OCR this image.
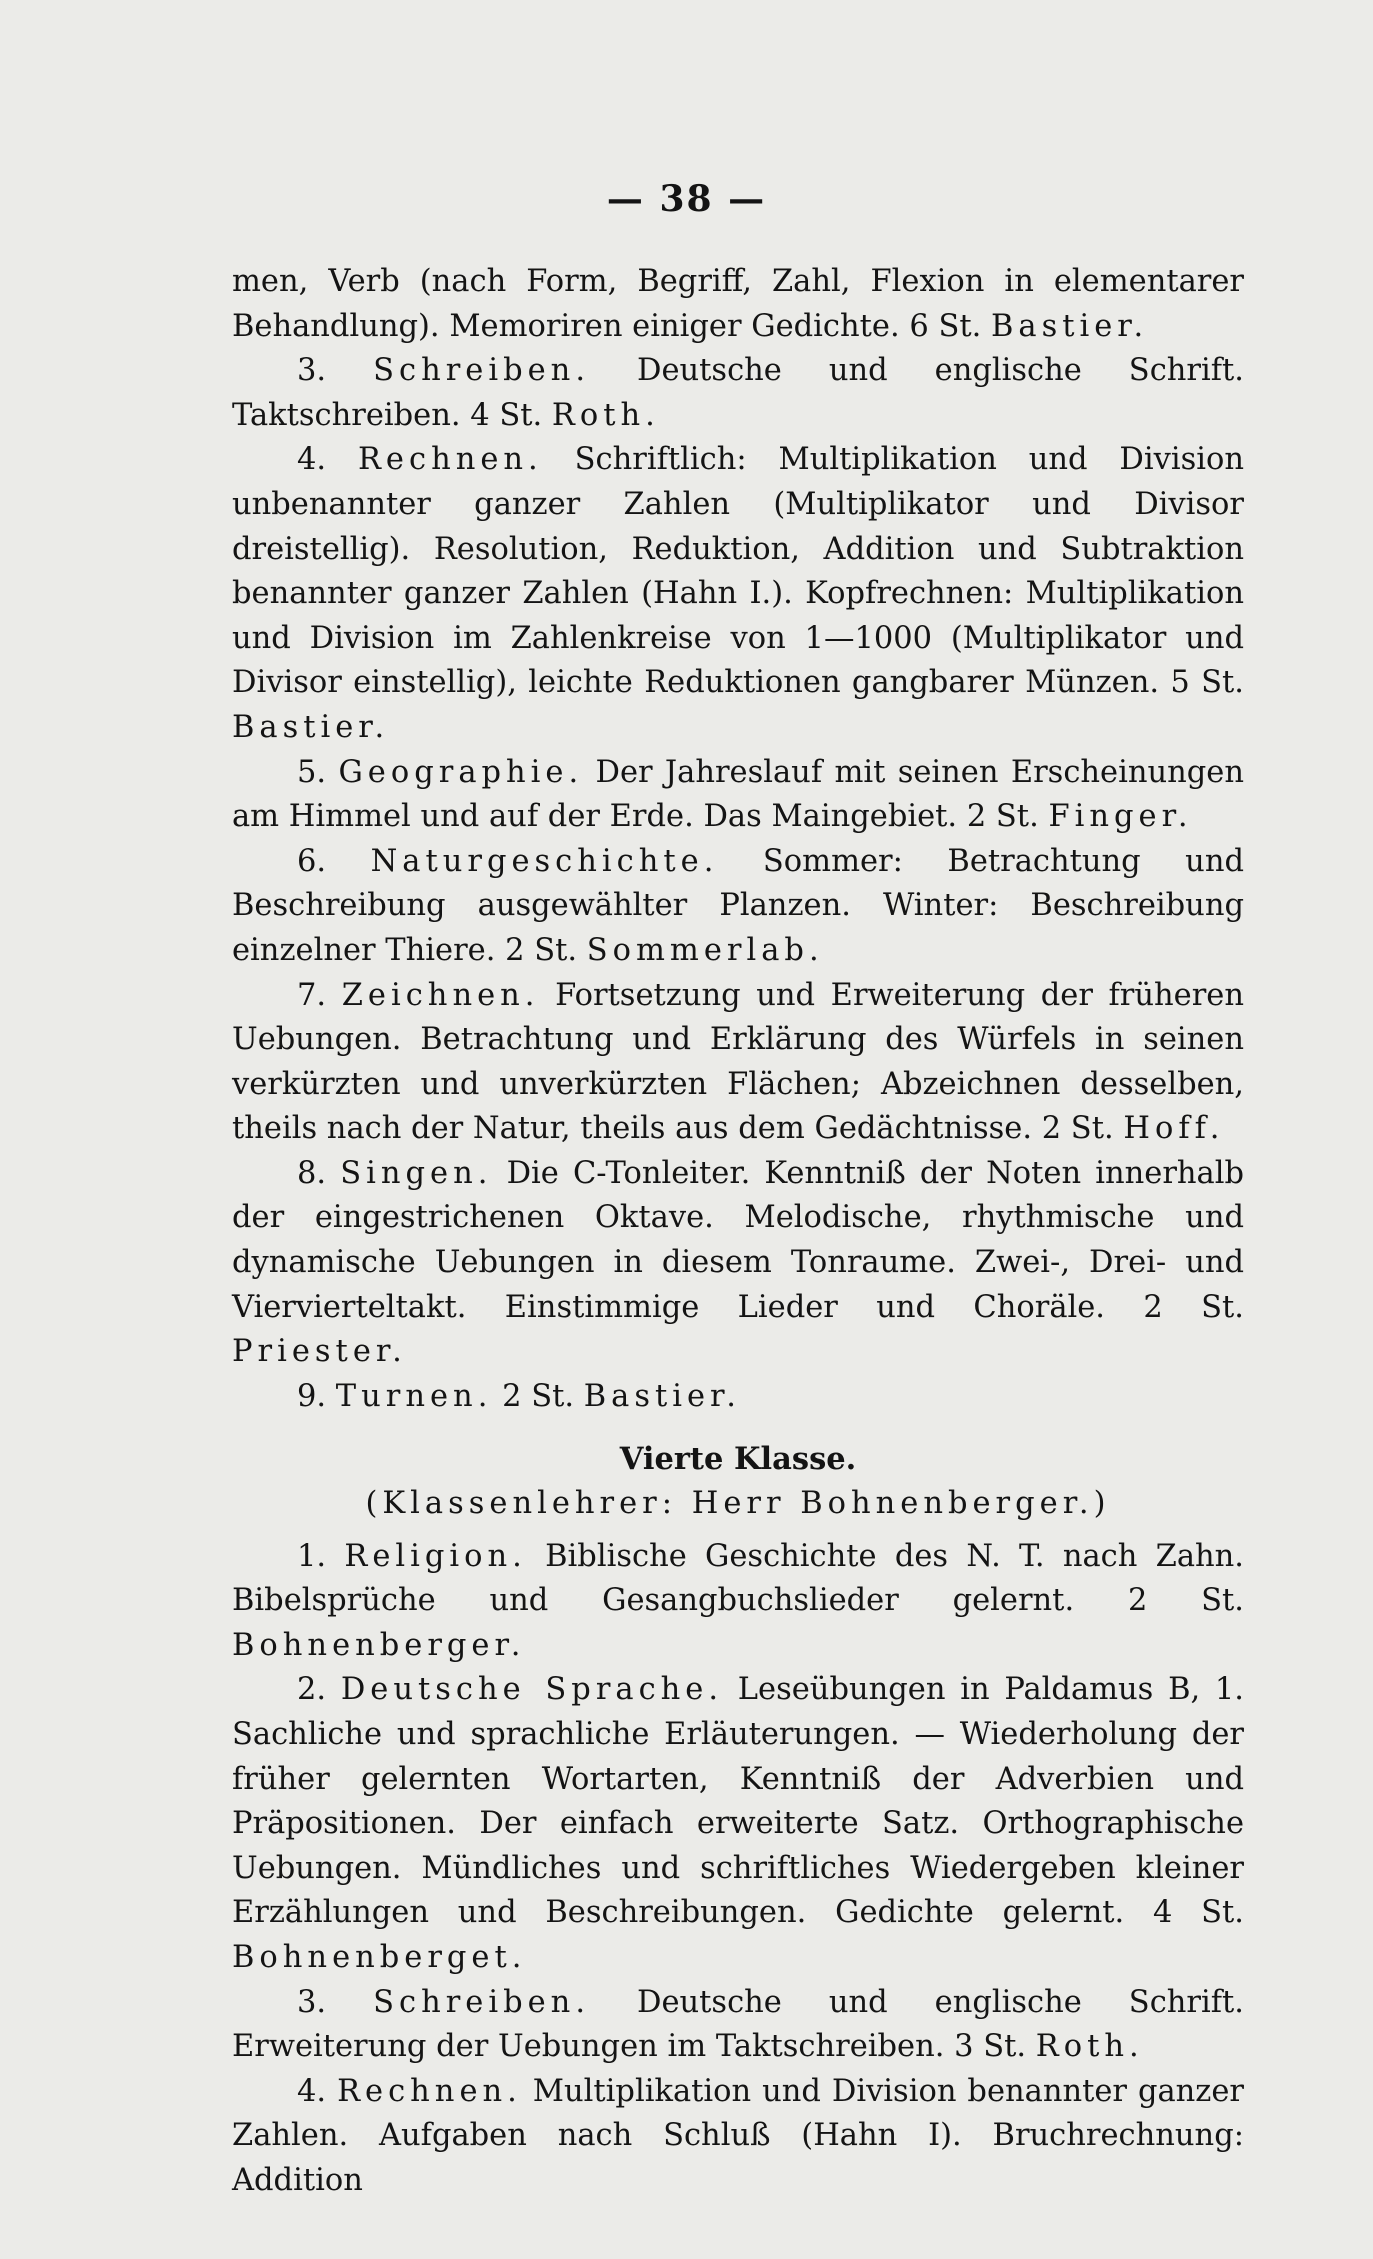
— 38 —

men, Verb (nach Form, Begriff, Zahl, Flexion in elementarer Behandlung). Memoriren einiger Gedichte. 6 St. Bastier.

3. Schreiben. Deutsche und englische Schrift. Taktschreiben. 4 St. Roth.

4. Rechnen. Schriftlich: Multiplikation und Division unbenannter ganzer Zahlen (Multiplikator und Divisor dreistellig). Resolution, Reduktion, Addition und Subtraktion benannter ganzer Zahlen (Hahn I.). Kopfrechnen: Multiplikation und Division im Zahlenkreise von 1—1000 (Multiplikator und Divisor einstellig), leichte Reduktionen gangbarer Münzen. 5 St. Bastier.

5. Geographie. Der Jahreslauf mit seinen Erscheinungen am Himmel und auf der Erde. Das Maingebiet. 2 St. Finger.

6. Naturgeschichte. Sommer: Betrachtung und Beschreibung ausgewählter Planzen. Winter: Beschreibung einzelner Thiere. 2 St. Sommerlab.

7. Zeichnen. Fortsetzung und Erweiterung der früheren Uebungen. Betrachtung und Erklärung des Würfels in seinen verkürzten und unverkürzten Flächen; Abzeichnen desselben, theils nach der Natur, theils aus dem Gedächtnisse. 2 St. Hoff.

8. Singen. Die C-Tonleiter. Kenntniß der Noten innerhalb der eingestrichenen Oktave. Melodische, rhythmische und dynamische Uebungen in diesem Tonraume. Zwei-, Drei- und Viervierteltakt. Einstimmige Lieder und Choräle. 2 St. Priester.

9. Turnen. 2 St. Bastier.

Vierte Klasse.

(Klassenlehrer: Herr Bohnenberger.)

1. Religion. Biblische Geschichte des N. T. nach Zahn. Bibelsprüche und Gesangbuchslieder gelernt. 2 St. Bohnenberger.

2. Deutsche Sprache. Leseübungen in Paldamus B, 1. Sachliche und sprachliche Erläuterungen. — Wiederholung der früher gelernten Wortarten, Kenntniß der Adverbien und Präpositionen. Der einfach erweiterte Satz. Orthographische Uebungen. Mündliches und schriftliches Wiedergeben kleiner Erzählungen und Beschreibungen. Gedichte gelernt. 4 St. Bohnenberget.

3. Schreiben. Deutsche und englische Schrift. Erweiterung der Uebungen im Taktschreiben. 3 St. Roth.

4. Rechnen. Multiplikation und Division benannter ganzer Zahlen. Aufgaben nach Schluß (Hahn I). Bruchrechnung: Addition
